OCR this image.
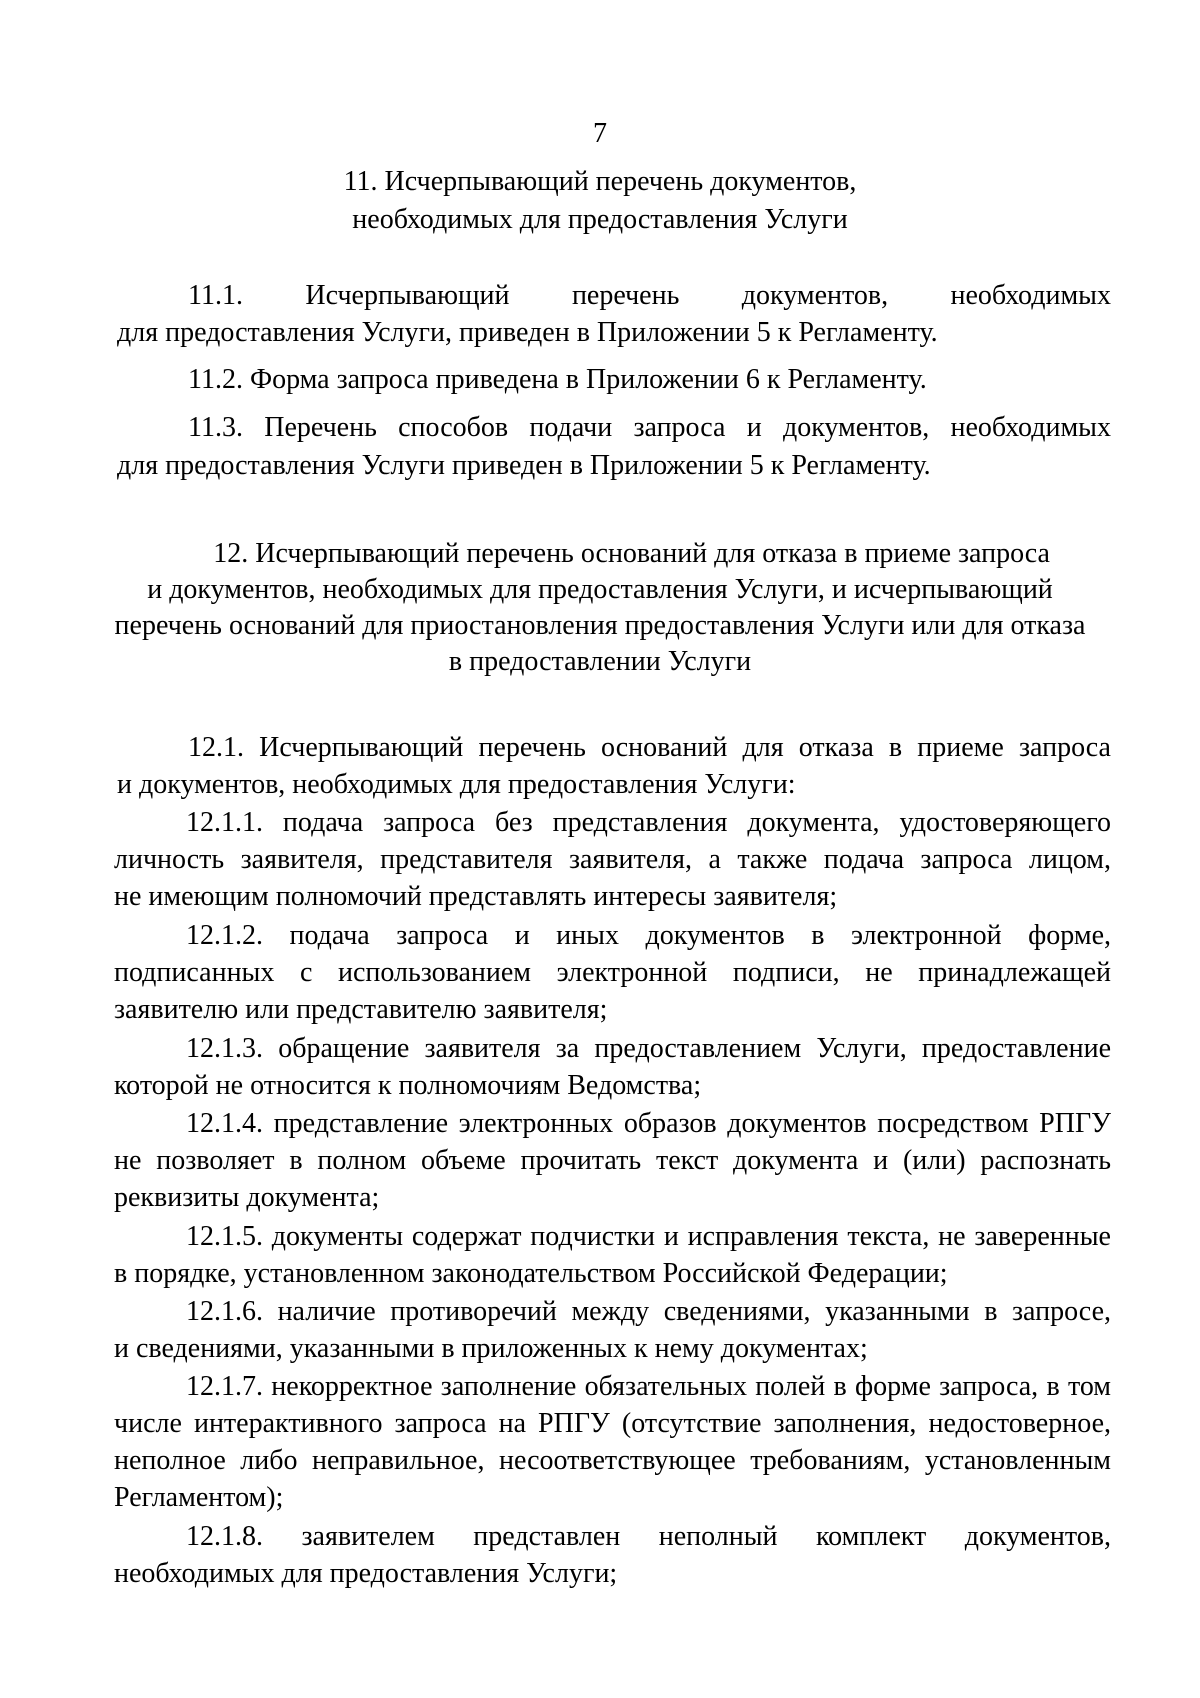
7
11. Исчерпывающий перечень документов,
необходимых для предоставления Услуги
11.1. Исчерпывающий перечень документов, необходимых
для предоставления Услуги, приведен в Приложении 5 к Регламенту.
11.2. Форма запроса приведена в Приложении 6 к Регламенту.
11.3. Перечень способов подачи запроса и документов, необходимых
для предоставления Услуги приведен в Приложении 5 к Регламенту.
12. Исчерпывающий перечень оснований для отказа в приеме запроса
и документов, необходимых для предоставления Услуги, и исчерпывающий
перечень оснований для приостановления предоставления Услуги или для отказа
в предоставлении Услуги
12.1. Исчерпывающий перечень оснований для отказа в приеме запроса
и документов, необходимых для предоставления Услуги:
12.1.1. подача запроса без представления документа, удостоверяющего
личность заявителя, представителя заявителя, а также подача запроса лицом,
не имеющим полномочий представлять интересы заявителя;
12.1.2. подача запроса и иных документов в электронной форме,
подписанных с использованием электронной подписи, не принадлежащей
заявителю или представителю заявителя;
12.1.3. обращение заявителя за предоставлением Услуги, предоставление
которой не относится к полномочиям Ведомства;
12.1.4. представление электронных образов документов посредством РПГУ
не позволяет в полном объеме прочитать текст документа и (или) распознать
реквизиты документа;
12.1.5. документы содержат подчистки и исправления текста, не заверенные
в порядке, установленном законодательством Российской Федерации;
12.1.6. наличие противоречий между сведениями, указанными в запросе,
и сведениями, указанными в приложенных к нему документах;
12.1.7. некорректное заполнение обязательных полей в форме запроса, в том
числе интерактивного запроса на РПГУ (отсутствие заполнения, недостоверное,
неполное либо неправильное, несоответствующее требованиям, установленным
Регламентом);
12.1.8. заявителем представлен неполный комплект документов,
необходимых для предоставления Услуги;
